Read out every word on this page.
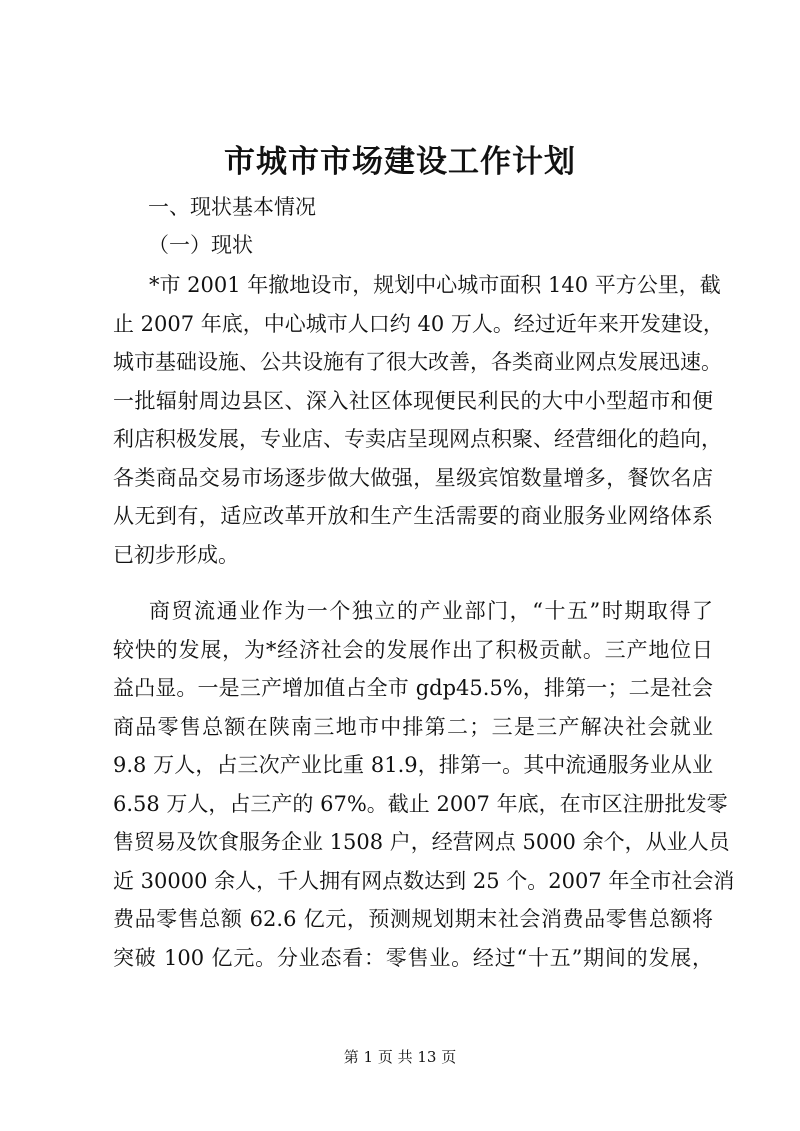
市城市市场建设工作计划
一、现状基本情况
（一）现状
*市 2001 年撤地设市，规划中心城市面积 140 平方公里，截
止 2007 年底，中心城市人口约 40 万人。经过近年来开发建设，
城市基础设施、公共设施有了很大改善，各类商业网点发展迅速。
一批辐射周边县区、深入社区体现便民利民的大中小型超市和便
利店积极发展，专业店、专卖店呈现网点积聚、经营细化的趋向，
各类商品交易市场逐步做大做强，星级宾馆数量增多，餐饮名店
从无到有，适应改革开放和生产生活需要的商业服务业网络体系
已初步形成。
商贸流通业作为一个独立的产业部门，“十五”时期取得了
较快的发展，为*经济社会的发展作出了积极贡献。三产地位日
益凸显。一是三产增加值占全市 gdp45.5%，排第一；二是社会
商品零售总额在陕南三地市中排第二；三是三产解决社会就业
9.8 万人，占三次产业比重 81.9，排第一。其中流通服务业从业
6.58 万人，占三产的 67%。截止 2007 年底，在市区注册批发零
售贸易及饮食服务企业 1508 户，经营网点 5000 余个，从业人员
近 30000 余人，千人拥有网点数达到 25 个。2007 年全市社会消
费品零售总额 62.6 亿元，预测规划期末社会消费品零售总额将
突破 100 亿元。分业态看：零售业。经过“十五”期间的发展，
第 1 页 共 13 页
